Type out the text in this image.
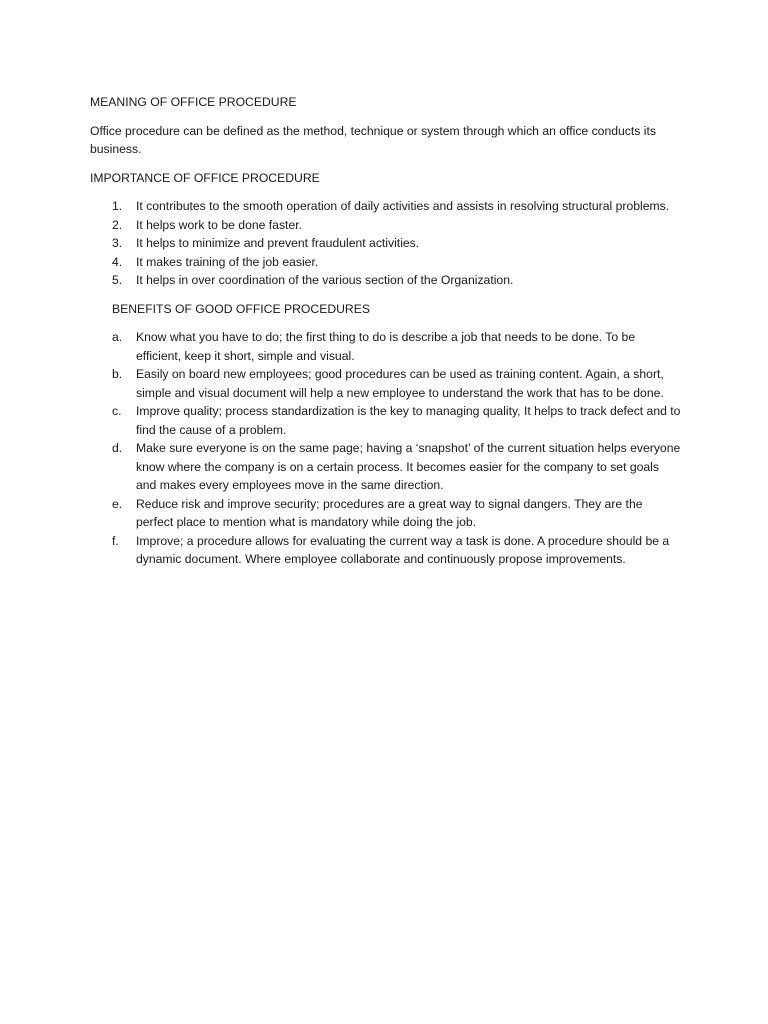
MEANING OF OFFICE PROCEDURE

Office procedure can be defined as the method, technique or system through which an office conducts its business.

IMPORTANCE OF OFFICE PROCEDURE
1. It contributes to the smooth operation of daily activities and assists in resolving structural problems.
2. It helps work to be done faster.
3. It helps to minimize and prevent fraudulent activities.
4. It makes training of the job easier.
5. It helps in over coordination of the various section of the Organization.
BENEFITS OF GOOD OFFICE PROCEDURES
a. Know what you have to do; the first thing to do is describe a job that needs to be done. To be efficient, keep it short, simple and visual.
b. Easily on board new employees; good procedures can be used as training content. Again, a short, simple and visual document will help a new employee to understand the work that has to be done.
c. Improve quality; process standardization is the key to managing quality, It helps to track defect and to find the cause of a problem.
d. Make sure everyone is on the same page; having a ‘snapshot’ of the current situation helps everyone know where the company is on a certain process. It becomes easier for the company to set goals and makes every employees move in the same direction.
e. Reduce risk and improve security; procedures are a great way to signal dangers. They are the perfect place to mention what is mandatory while doing the job.
f. Improve; a procedure allows for evaluating the current way a task is done. A procedure should be a dynamic document. Where employee collaborate and continuously propose improvements.
